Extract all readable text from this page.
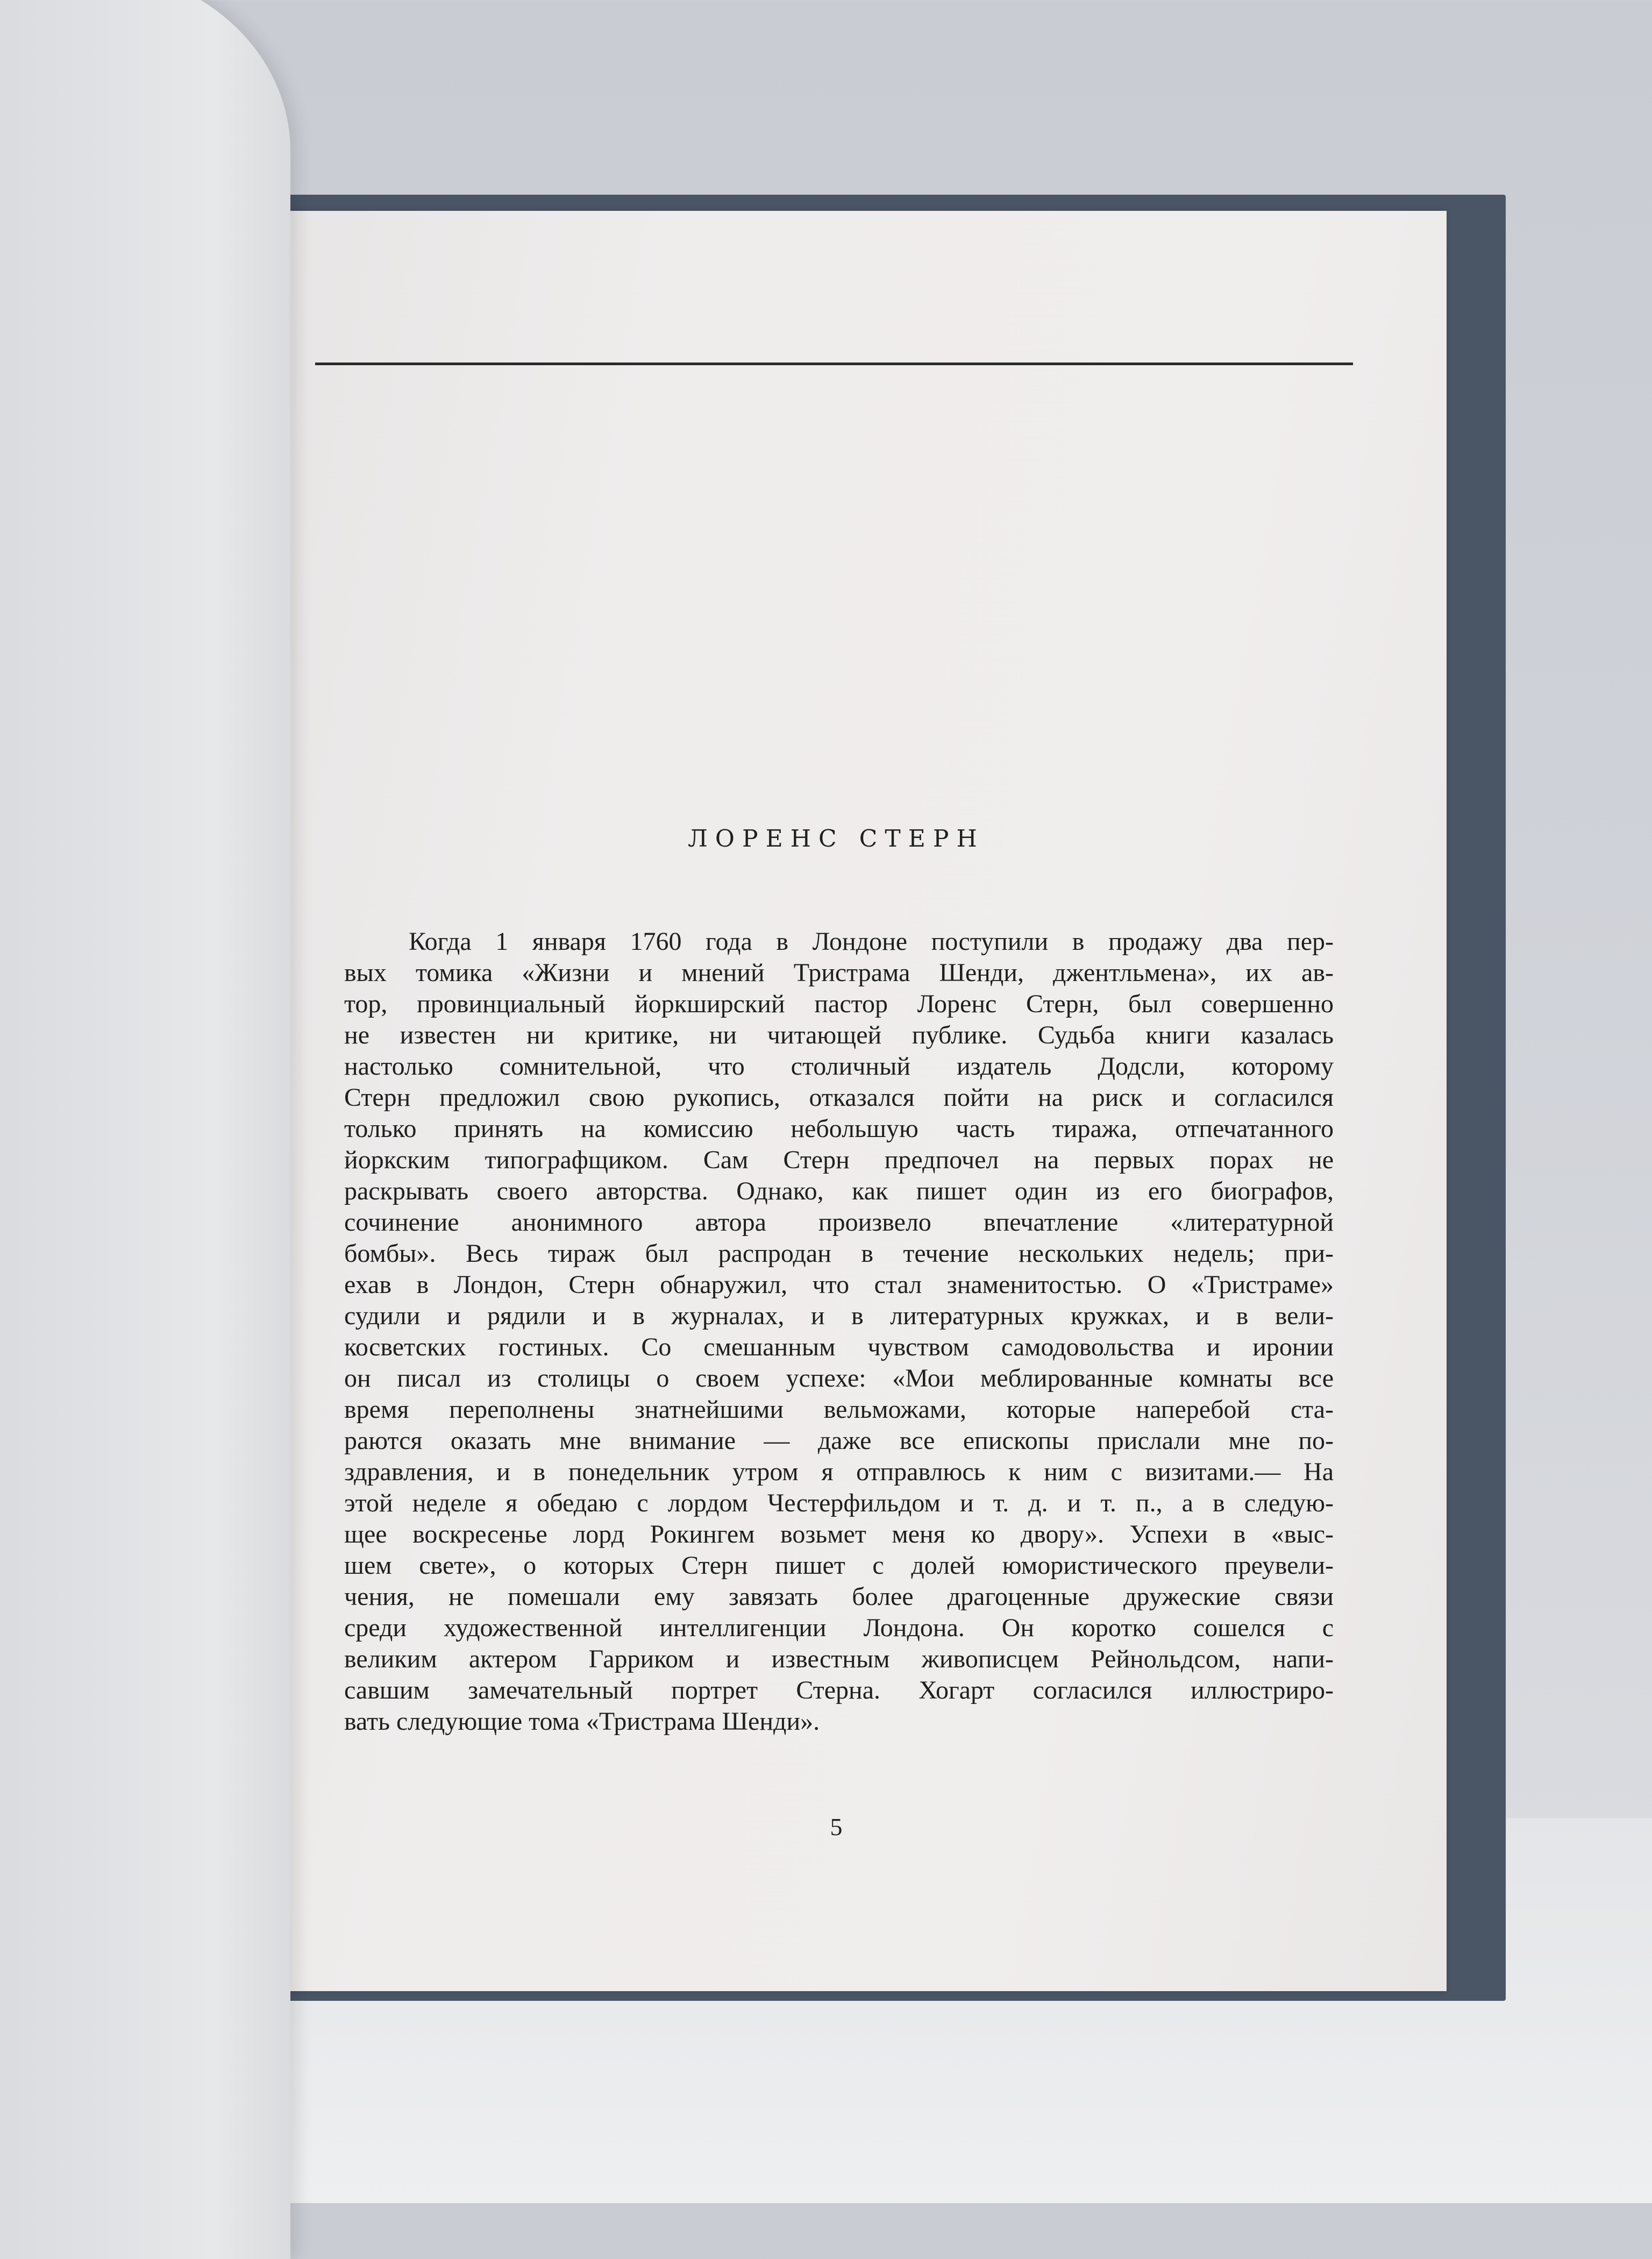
ЛОРЕНС СТЕРН
Когда 1 января 1760 года в Лондоне поступили в продажу два пер-
вых томика «Жизни и мнений Тристрама Шенди, джентльмена», их ав-
тор, провинциальный йоркширский пастор Лоренс Стерн, был совершенно
не известен ни критике, ни читающей публике. Судьба книги казалась
настолько сомнительной, что столичный издатель Додсли, которому
Стерн предложил свою рукопись, отказался пойти на риск и согласился
только принять на комиссию небольшую часть тиража, отпечатанного
йоркским типографщиком. Сам Стерн предпочел на первых порах не
раскрывать своего авторства. Однако, как пишет один из его биографов,
сочинение анонимного автора произвело впечатление «литературной
бомбы». Весь тираж был распродан в течение нескольких недель; при-
ехав в Лондон, Стерн обнаружил, что стал знаменитостью. О «Тристраме»
судили и рядили и в журналах, и в литературных кружках, и в вели-
косветских гостиных. Со смешанным чувством самодовольства и иронии
он писал из столицы о своем успехе: «Мои меблированные комнаты все
время переполнены знатнейшими вельможами, которые наперебой ста-
раются оказать мне внимание — даже все епископы прислали мне по-
здравления, и в понедельник утром я отправлюсь к ним с визитами.— На
этой неделе я обедаю с лордом Честерфильдом и т. д. и т. п., а в следую-
щее воскресенье лорд Рокингем возьмет меня ко двору». Успехи в «выс-
шем свете», о которых Стерн пишет с долей юмористического преувели-
чения, не помешали ему завязать более драгоценные дружеские связи
среди художественной интеллигенции Лондона. Он коротко сошелся с
великим актером Гарриком и известным живописцем Рейнольдсом, напи-
савшим замечательный портрет Стерна. Хогарт согласился иллюстриро-
вать следующие тома «Тристрама Шенди».
5
